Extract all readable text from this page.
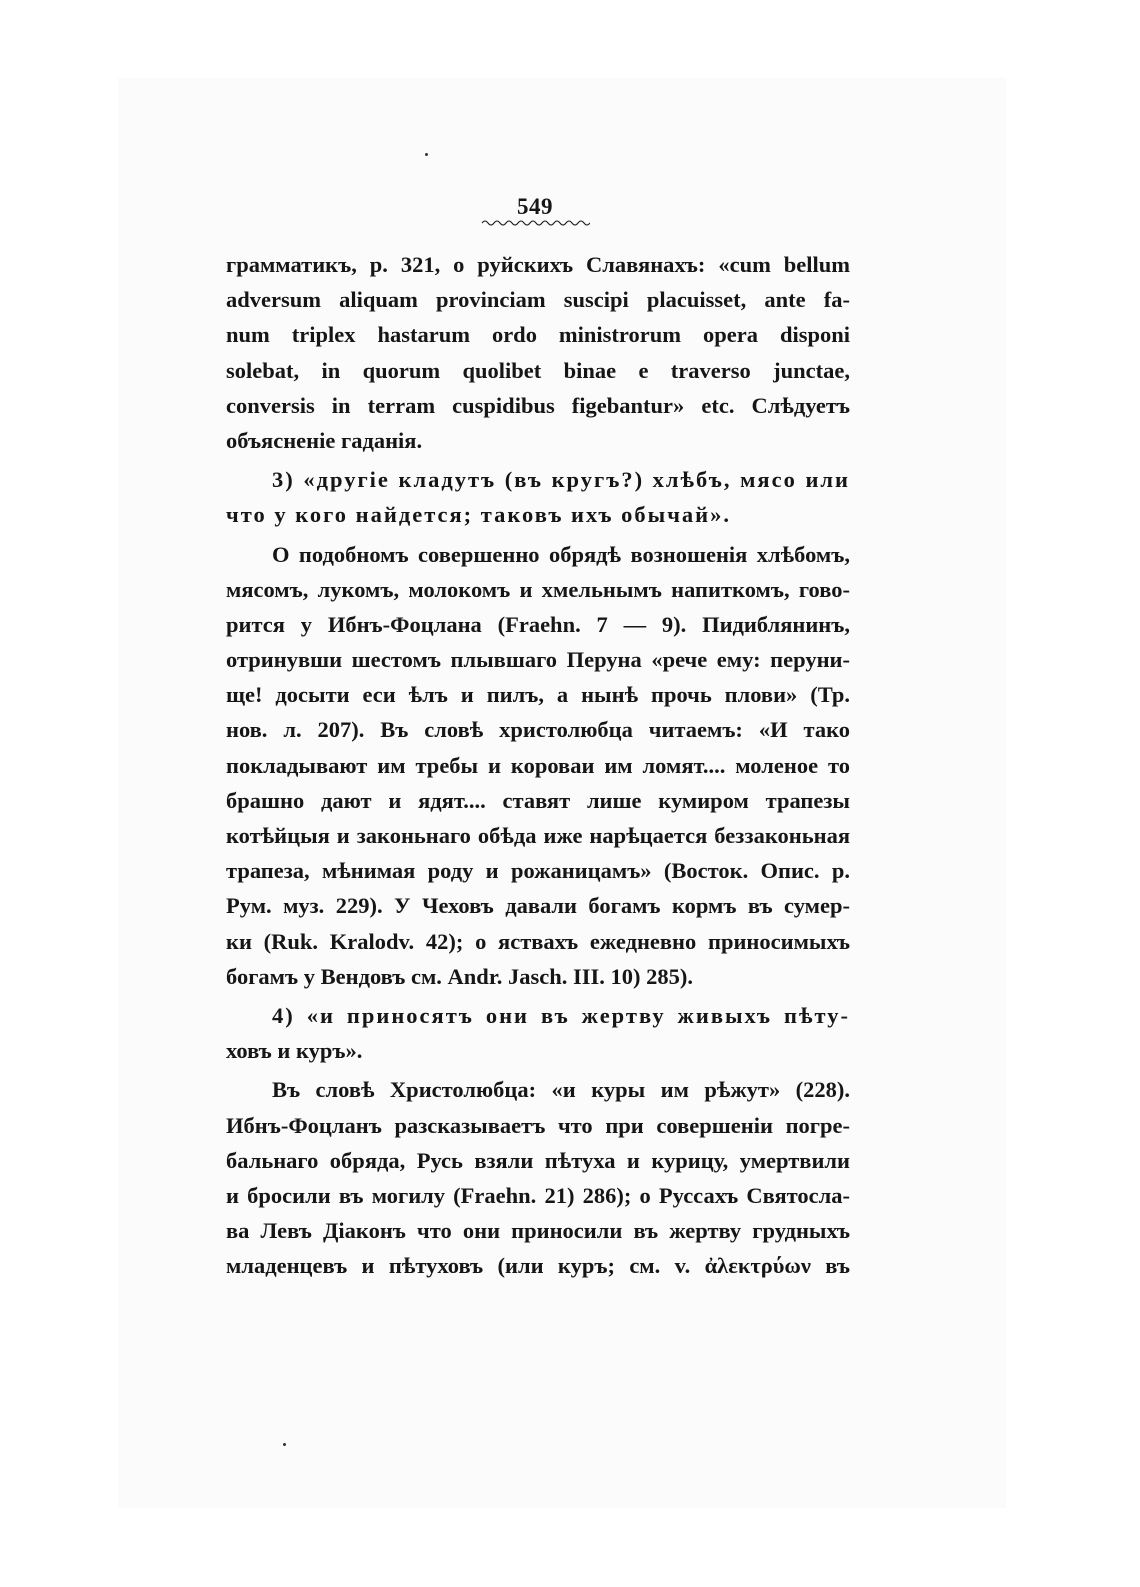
549
грамматикъ, p. 321, о руйскихъ Славянахъ: «cum bellum
adversum aliquam provinciam suscipi placuisset, ante fa-
num triplex hastarum ordo ministrorum opera disponi
solebat, in quorum quolibet binae e traverso junctae,
conversis in terram cuspidibus figebantur» etc. Слѣдуетъ
объясненіе гаданія.
3) «другіе кладутъ (въ кругъ?) хлѣбъ, мясо или
что у кого найдется; таковъ ихъ обычай».
О подобномъ совершенно обрядѣ возношенія хлѣбомъ,
мясомъ, лукомъ, молокомъ и хмельнымъ напиткомъ, гово-
рится у Ибнъ-Фоцлана (Fraehn. 7 — 9). Пидиблянинъ,
отринувши шестомъ плывшаго Перуна «рече ему: перуни-
ще! досыти еси ѣлъ и пилъ, а нынѣ прочь плови» (Тр.
нов. л. 207). Въ словѣ христолюбца читаемъ: «И тако
покладывают им требы и короваи им ломят.... моленое то
брашно дают и ядят.... ставят лише кумиром трапезы
котѣйцыя и законьнаго обѣда иже нарѣцается беззаконьная
трапеза, мѣнимая роду и рожаницамъ» (Восток. Опис. р.
Рум. муз. 229). У Чеховъ давали богамъ кормъ въ сумер-
ки (Ruk. Kralodv. 42); о яствахъ ежедневно приносимыхъ
богамъ у Вендовъ см. Andr. Jasch. III. 10) 285).
4) «и приносятъ они въ жертву живыхъ пѣту-
ховъ и куръ».
Въ словѣ Христолюбца: «и куры им рѣжут» (228).
Ибнъ-Фоцланъ разсказываетъ что при совершеніи погре-
бальнаго обряда, Русь взяли пѣтуха и курицу, умертвили
и бросили въ могилу (Fraehn. 21) 286); о Руссахъ Святосла-
ва Левъ Діаконъ что они приносили въ жертву грудныхъ
младенцевъ и пѣтуховъ (или куръ; см. v. ἀλεκτρύων въ
